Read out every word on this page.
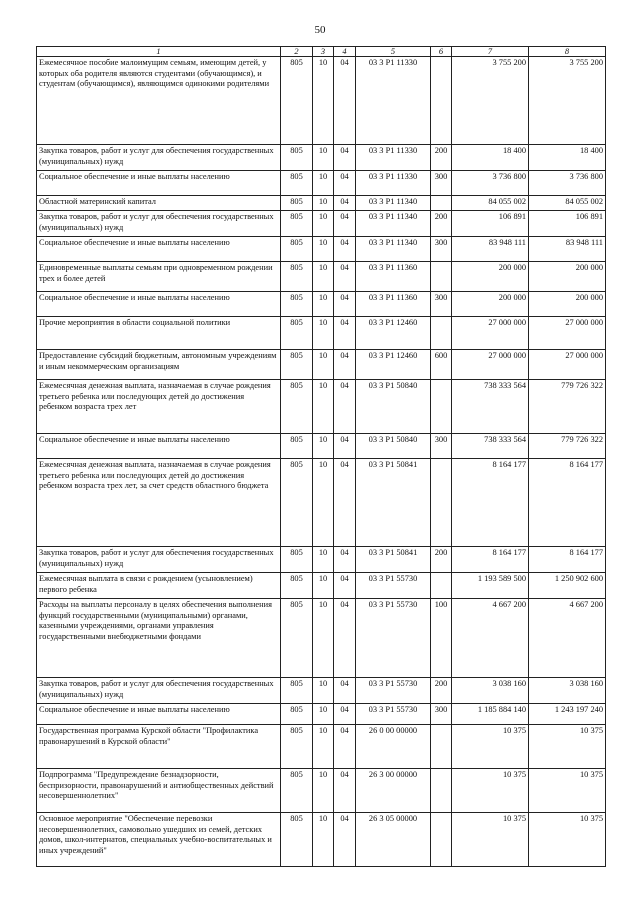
50
1	2	3	4	5	6	7	8
Ежемесячное пособие малоимущим семьям, имеющим детей, у которых оба родителя являются студентами (обучающимся), и студентам (обучающимся), являющимся одинокими родителями	805	10	04	03 3 P1 11330		3 755 200	3 755 200
Закупка товаров, работ и услуг для обеспечения государственных (муниципальных) нужд	805	10	04	03 3 P1 11330	200	18 400	18 400
Социальное обеспечение и иные выплаты населению	805	10	04	03 3 P1 11330	300	3 736 800	3 736 800
Областной материнский капитал	805	10	04	03 3 P1 11340		84 055 002	84 055 002
Закупка товаров, работ и услуг для обеспечения государственных (муниципальных) нужд	805	10	04	03 3 P1 11340	200	106 891	106 891
Социальное обеспечение и иные выплаты населению	805	10	04	03 3 P1 11340	300	83 948 111	83 948 111
Единовременные выплаты семьям при одновременном рождении трех и более детей	805	10	04	03 3 P1 11360		200 000	200 000
Социальное обеспечение и иные выплаты населению	805	10	04	03 3 P1 11360	300	200 000	200 000
Прочие мероприятия в области социальной политики	805	10	04	03 3 P1 12460		27 000 000	27 000 000
Предоставление субсидий бюджетным, автономным учреждениям и иным некоммерческим организациям	805	10	04	03 3 P1 12460	600	27 000 000	27 000 000
Ежемесячная денежная выплата, назначаемая в случае рождения третьего ребенка или последующих детей до достижения ребенком возраста трех лет	805	10	04	03 3 P1 50840		738 333 564	779 726 322
Социальное обеспечение и иные выплаты населению	805	10	04	03 3 P1 50840	300	738 333 564	779 726 322
Ежемесячная денежная выплата, назначаемая в случае рождения третьего ребенка или последующих детей до достижения ребенком возраста трех лет, за счет средств областного бюджета	805	10	04	03 3 P1 50841		8 164 177	8 164 177
Закупка товаров, работ и услуг для обеспечения государственных (муниципальных) нужд	805	10	04	03 3 P1 50841	200	8 164 177	8 164 177
Ежемесячная выплата в связи с рождением (усыновлением) первого ребенка	805	10	04	03 3 P1 55730		1 193 589 500	1 250 902 600
Расходы на выплаты персоналу в целях обеспечения выполнения функций государственными (муниципальными) органами, казенными учреждениями, органами управления государственными внебюджетными фондами	805	10	04	03 3 P1 55730	100	4 667 200	4 667 200
Закупка товаров, работ и услуг для обеспечения государственных (муниципальных) нужд	805	10	04	03 3 P1 55730	200	3 038 160	3 038 160
Социальное обеспечение и иные выплаты населению	805	10	04	03 3 P1 55730	300	1 185 884 140	1 243 197 240
Государственная программа Курской области "Профилактика правонарушений в Курской области"	805	10	04	26 0 00 00000		10 375	10 375
Подпрограмма "Предупреждение безнадзорности, беспризорности, правонарушений и антиобщественных действий несовершеннолетних"	805	10	04	26 3 00 00000		10 375	10 375
Основное мероприятие "Обеспечение перевозки несовершеннолетних, самовольно ушедших из семей, детских домов, школ-интернатов, специальных учебно-воспитательных и иных учреждений"	805	10	04	26 3 05 00000		10 375	10 375
